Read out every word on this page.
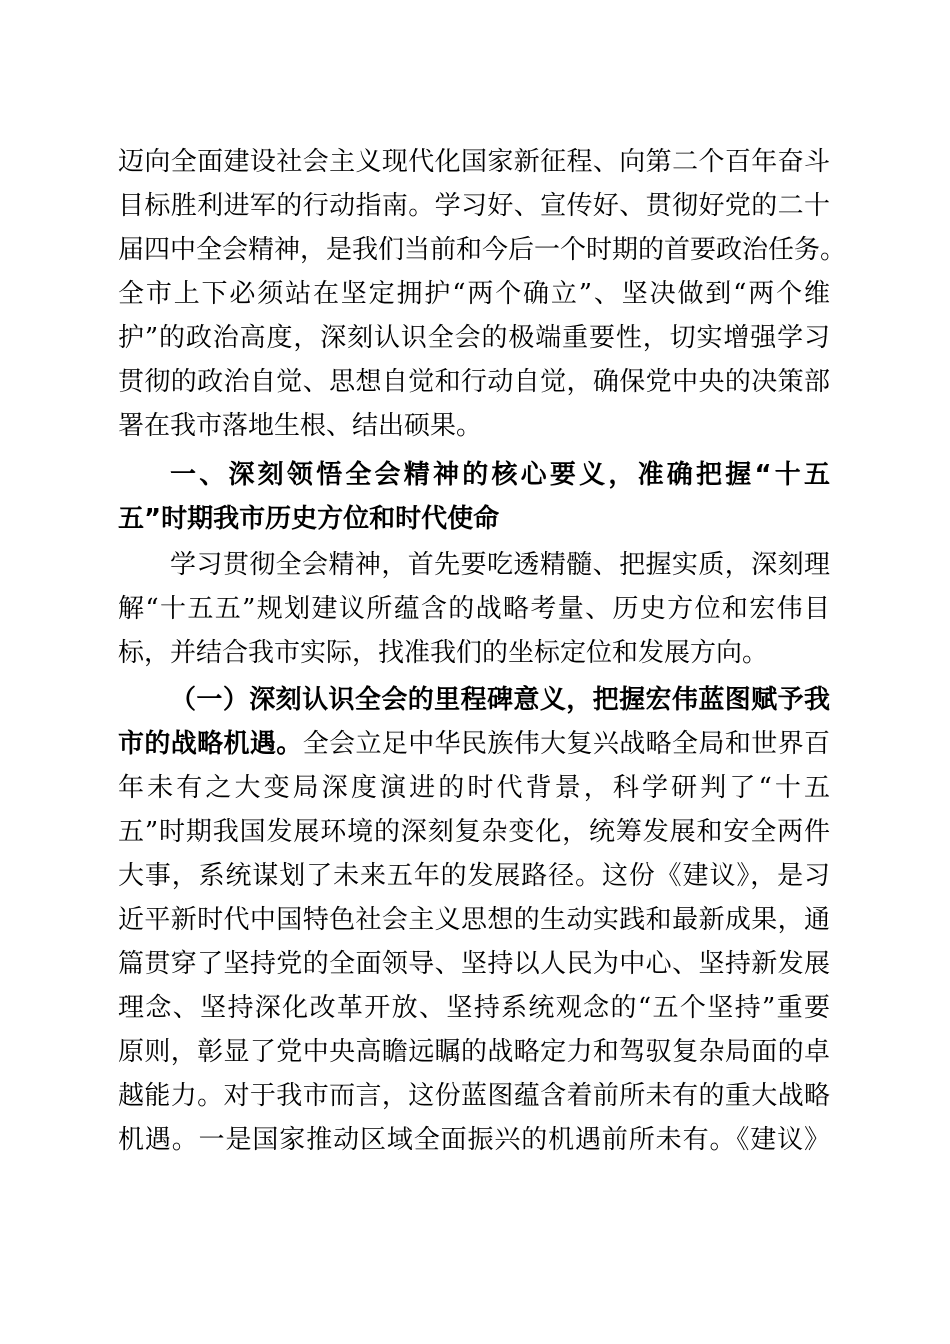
迈向全面建设社会主义现代化国家新征程、向第二个百年奋斗
目标胜利进军的行动指南。学习好、宣传好、贯彻好党的二十
届四中全会精神，是我们当前和今后一个时期的首要政治任务。
全市上下必须站在坚定拥护“两个确立”、坚决做到“两个维
护”的政治高度，深刻认识全会的极端重要性，切实增强学习
贯彻的政治自觉、思想自觉和行动自觉，确保党中央的决策部
署在我市落地生根、结出硕果。
一、深刻领悟全会精神的核心要义，准确把握“十五
五”时期我市历史方位和时代使命
学习贯彻全会精神，首先要吃透精髓、把握实质，深刻理
解“十五五”规划建议所蕴含的战略考量、历史方位和宏伟目
标，并结合我市实际，找准我们的坐标定位和发展方向。
（一）深刻认识全会的里程碑意义，把握宏伟蓝图赋予我
市的战略机遇。全会立足中华民族伟大复兴战略全局和世界百
年未有之大变局深度演进的时代背景，科学研判了“十五
五”时期我国发展环境的深刻复杂变化，统筹发展和安全两件
大事，系统谋划了未来五年的发展路径。这份《建议》，是习
近平新时代中国特色社会主义思想的生动实践和最新成果，通
篇贯穿了坚持党的全面领导、坚持以人民为中心、坚持新发展
理念、坚持深化改革开放、坚持系统观念的“五个坚持”重要
原则，彰显了党中央高瞻远瞩的战略定力和驾驭复杂局面的卓
越能力。对于我市而言，这份蓝图蕴含着前所未有的重大战略
机遇。一是国家推动区域全面振兴的机遇前所未有。《建议》
